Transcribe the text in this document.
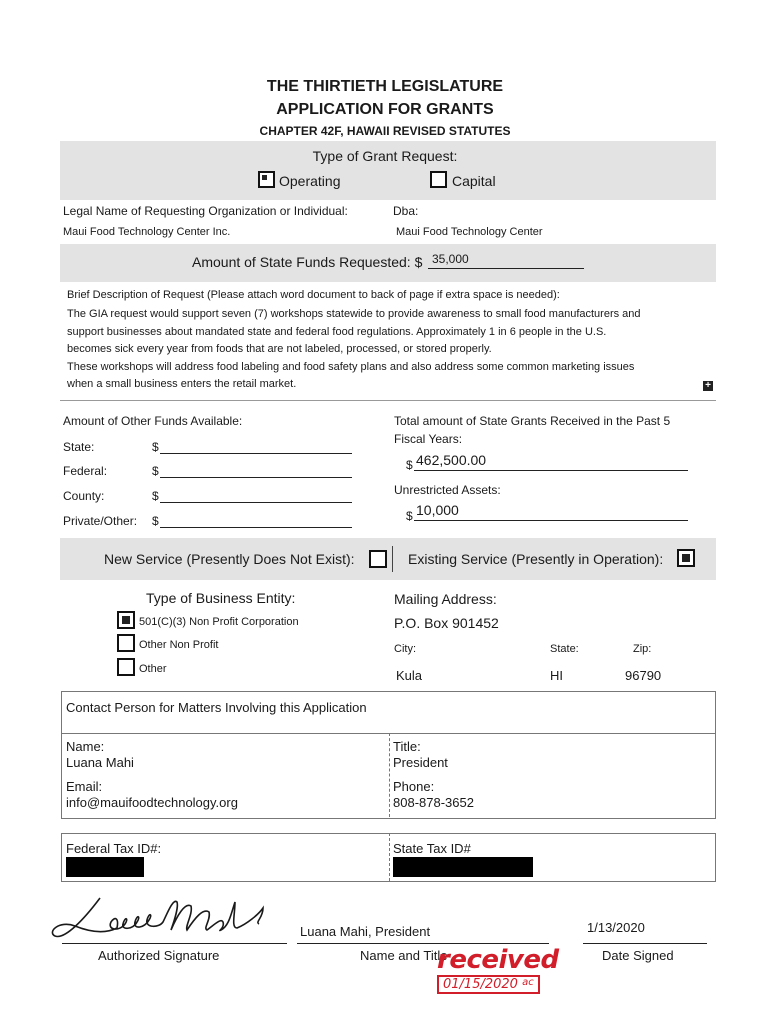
THE THIRTIETH LEGISLATURE
APPLICATION FOR GRANTS
CHAPTER 42F, HAWAII REVISED STATUTES
Type of Grant Request:
Operating	Capital
Legal Name of Requesting Organization or Individual:	Dba:
Maui Food Technology Center Inc.	Maui Food Technology Center
Amount of State Funds Requested: $ 35,000
Brief Description of Request (Please attach word document to back of page if extra space is needed):
The GIA request would support seven (7) workshops statewide to provide awareness to small food manufacturers and
support businesses about mandated state and federal food regulations. Approximately 1 in 6 people in the U.S.
becomes sick every year from foods that are not labeled, processed, or stored properly.
These workshops will address food labeling and food safety plans and also address some common marketing issues
when a small business enters the retail market.	+
Amount of Other Funds Available:
State:	$
Federal:	$
County:	$
Private/Other: $
Total amount of State Grants Received in the Past 5
Fiscal Years:
$ 462,500.00
Unrestricted Assets:
$ 10,000
New Service (Presently Does Not Exist):	Existing Service (Presently in Operation):
Type of Business Entity:
501(C)(3) Non Profit Corporation
Other Non Profit
Other
Mailing Address:
P.O. Box 901452
City:	State:	Zip:
Kula	HI	96790
Contact Person for Matters Involving this Application
Name:
Luana Mahi
Title:
President
Email:
info@mauifoodtechnology.org
Phone:
808-878-3652
Federal Tax ID#:	State Tax ID#
Authorized Signature
Luana Mahi, President
Name and Title
1/13/2020
Date Signed
received
01/15/2020 $^{ac}$
